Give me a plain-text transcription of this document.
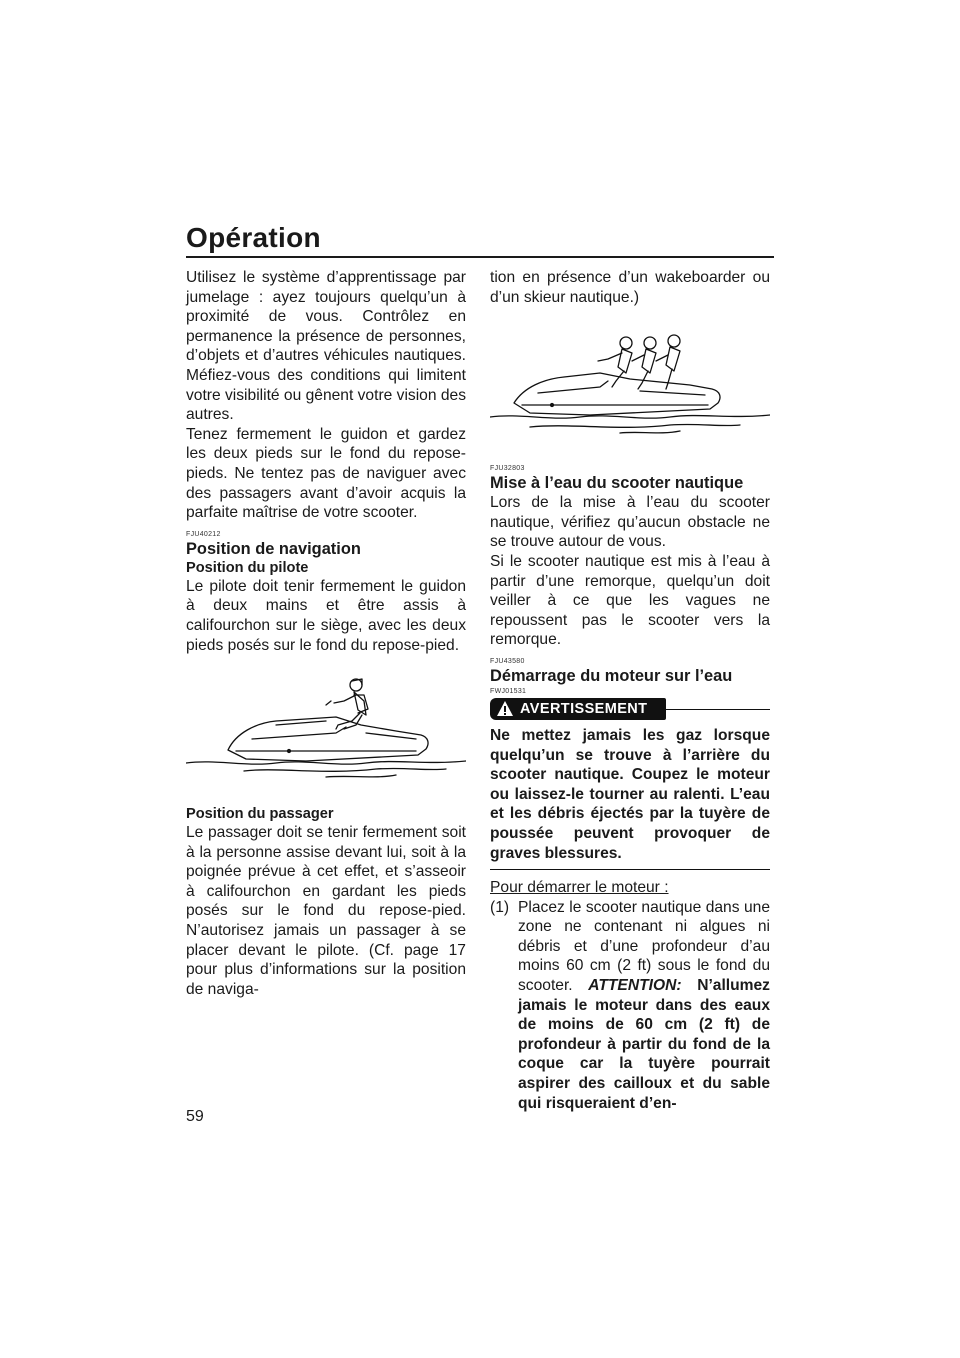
Opération

Utilisez le système d’apprentissage par jumelage : ayez toujours quelqu’un à proximité de vous. Contrôlez en permanence la présence de personnes, d’objets et d’autres véhicules nautiques. Méfiez-vous des conditions qui limitent votre visibilité ou gênent votre vision des autres.

Tenez fermement le guidon et gardez les deux pieds sur le fond du repose-pieds. Ne tentez pas de naviguer avec des passagers avant d’avoir acquis la parfaite maîtrise de votre scooter.

FJU40212
Position de navigation
Position du pilote

Le pilote doit tenir fermement le guidon à deux mains et être assis à califourchon sur le siège, avec les deux pieds posés sur le fond du repose-pied.

Position du passager

Le passager doit se tenir fermement soit à la personne assise devant lui, soit à la poignée prévue à cet effet, et s’asseoir à califourchon en gardant les pieds posés sur le fond du repose-pied. N’autorisez jamais un passager à se placer devant le pilote. (Cf. page 17 pour plus d’informations sur la position de naviga-

tion en présence d’un wakeboarder ou d’un skieur nautique.)

FJU32803
Mise à l’eau du scooter nautique

Lors de la mise à l’eau du scooter nautique, vérifiez qu’aucun obstacle ne se trouve autour de vous.

Si le scooter nautique est mis à l’eau à partir d’une remorque, quelqu’un doit veiller à ce que les vagues ne repoussent pas le scooter vers la remorque.

FJU43580
Démarrage du moteur sur l’eau
FWJ01531
AVERTISSEMENT

Ne mettez jamais les gaz lorsque quelqu’un se trouve à l’arrière du scooter nautique. Coupez le moteur ou laissez-le tourner au ralenti. L’eau et les débris éjectés par la tuyère de poussée peuvent provoquer de graves blessures.

Pour démarrer le moteur :

(1) Placez le scooter nautique dans une zone ne contenant ni algues ni débris et d’une profondeur d’au moins 60 cm (2 ft) sous le fond du scooter. ATTENTION: N’allumez jamais le moteur dans des eaux de moins de 60 cm (2 ft) de profondeur à partir du fond de la coque car la tuyère pourrait aspirer des cailloux et du sable qui risqueraient d’en-
59
